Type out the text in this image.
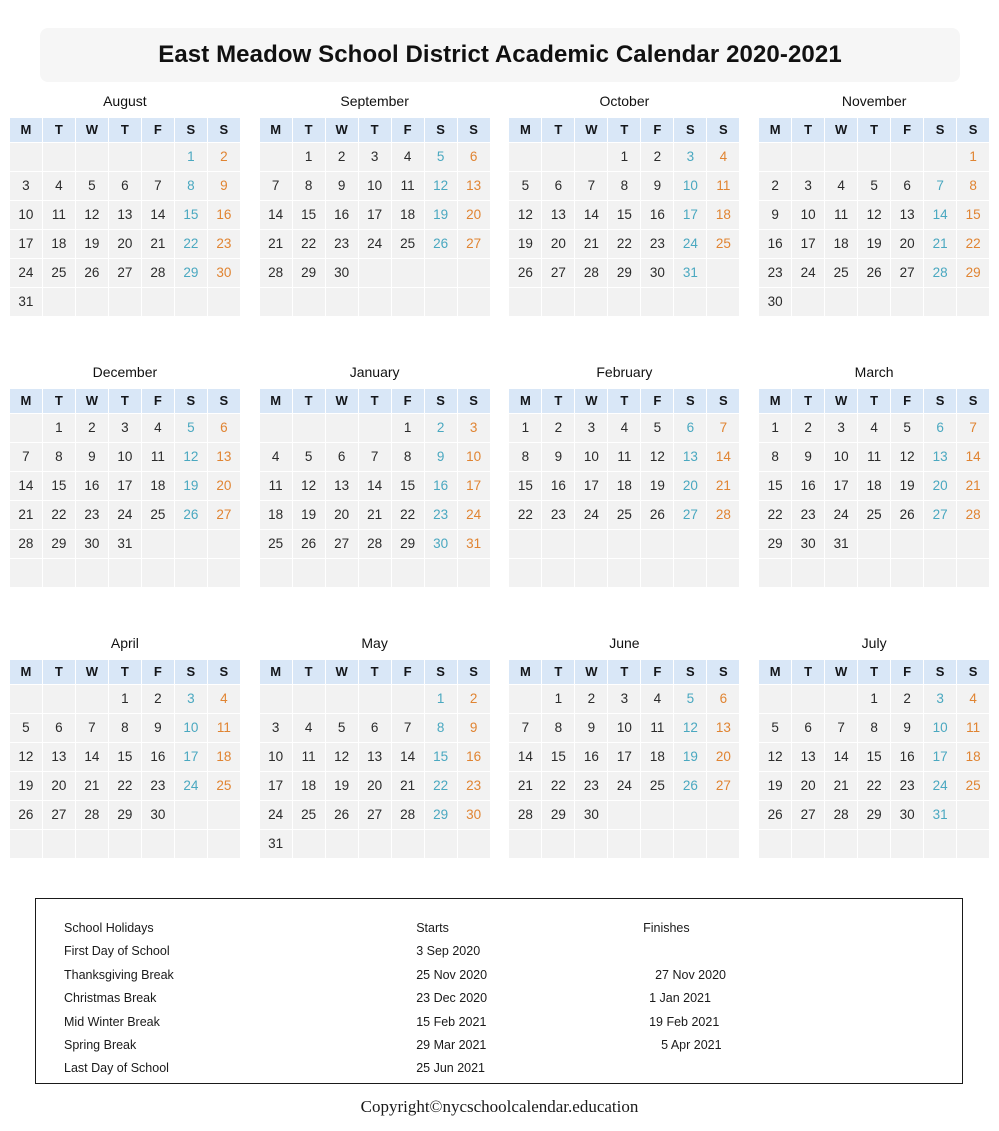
East Meadow School District Academic Calendar 2020-2021
August
M	T	W	T	F	S	S
					1	2
3	4	5	6	7	8	9
10	11	12	13	14	15	16
17	18	19	20	21	22	23
24	25	26	27	28	29	30
31						
September
M	T	W	T	F	S	S
	1	2	3	4	5	6
7	8	9	10	11	12	13
14	15	16	17	18	19	20
21	22	23	24	25	26	27
28	29	30				

October
M	T	W	T	F	S	S
			1	2	3	4
5	6	7	8	9	10	11
12	13	14	15	16	17	18
19	20	21	22	23	24	25
26	27	28	29	30	31	

November
M	T	W	T	F	S	S
						1
2	3	4	5	6	7	8
9	10	11	12	13	14	15
16	17	18	19	20	21	22
23	24	25	26	27	28	29
30						
December
M	T	W	T	F	S	S
	1	2	3	4	5	6
7	8	9	10	11	12	13
14	15	16	17	18	19	20
21	22	23	24	25	26	27
28	29	30	31			

January
M	T	W	T	F	S	S
				1	2	3
4	5	6	7	8	9	10
11	12	13	14	15	16	17
18	19	20	21	22	23	24
25	26	27	28	29	30	31

February
M	T	W	T	F	S	S
1	2	3	4	5	6	7
8	9	10	11	12	13	14
15	16	17	18	19	20	21
22	23	24	25	26	27	28

March
M	T	W	T	F	S	S
1	2	3	4	5	6	7
8	9	10	11	12	13	14
15	16	17	18	19	20	21
22	23	24	25	26	27	28
29	30	31				

April
M	T	W	T	F	S	S
			1	2	3	4
5	6	7	8	9	10	11
12	13	14	15	16	17	18
19	20	21	22	23	24	25
26	27	28	29	30		

May
M	T	W	T	F	S	S
					1	2
3	4	5	6	7	8	9
10	11	12	13	14	15	16
17	18	19	20	21	22	23
24	25	26	27	28	29	30
31						
June
M	T	W	T	F	S	S
	1	2	3	4	5	6
7	8	9	10	11	12	13
14	15	16	17	18	19	20
21	22	23	24	25	26	27
28	29	30				

July
M	T	W	T	F	S	S
			1	2	3	4
5	6	7	8	9	10	11
12	13	14	15	16	17	18
19	20	21	22	23	24	25
26	27	28	29	30	31	

School Holidays	Starts	Finishes
First Day of School	3 Sep 2020	
Thanksgiving Break	25 Nov 2020	27 Nov 2020
Christmas Break	23 Dec 2020	1 Jan 2021
Mid Winter Break	15 Feb 2021	19 Feb 2021
Spring Break	29 Mar 2021	5 Apr 2021
Last Day of School	25 Jun 2021	
Copyright©nycschoolcalendar.education
